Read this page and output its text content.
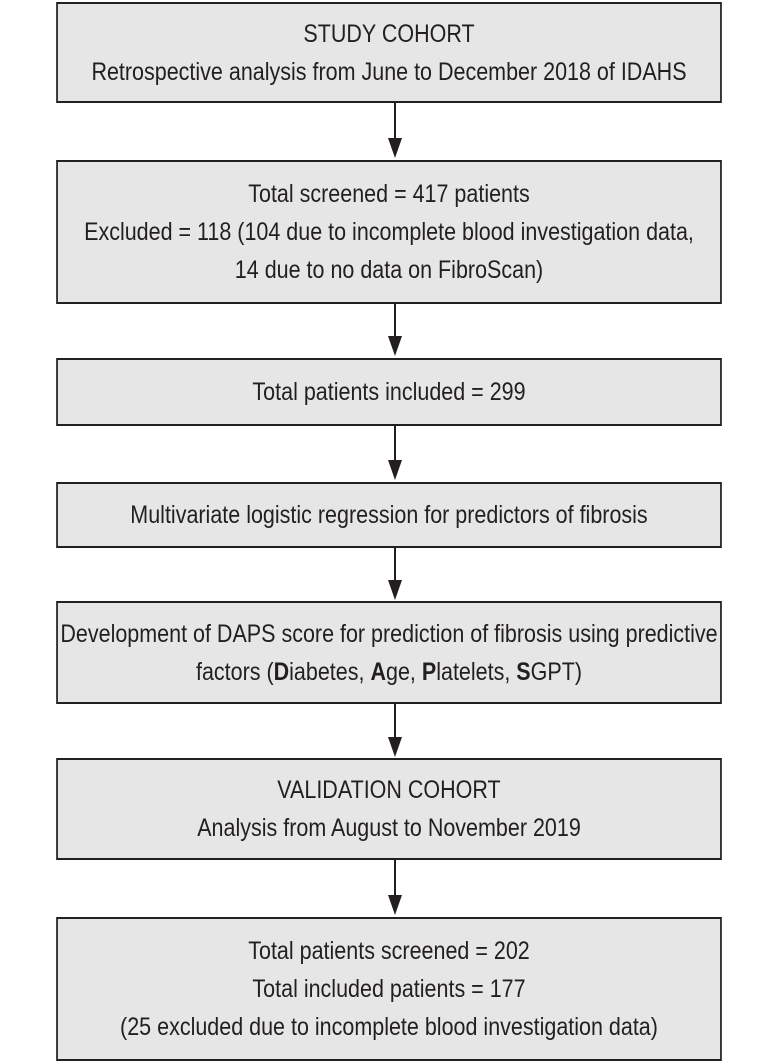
STUDY COHORT
Retrospective analysis from June to December 2018 of IDAHS
Total screened = 417 patients
Excluded = 118 (104 due to incomplete blood investigation data,
14 due to no data on FibroScan)
Total patients included = 299
Multivariate logistic regression for predictors of fibrosis
Development of DAPS score for prediction of fibrosis using predictive
factors (Diabetes, Age, Platelets, SGPT)
VALIDATION COHORT
Analysis from August to November 2019
Total patients screened = 202
Total included patients = 177
(25 excluded due to incomplete blood investigation data)
